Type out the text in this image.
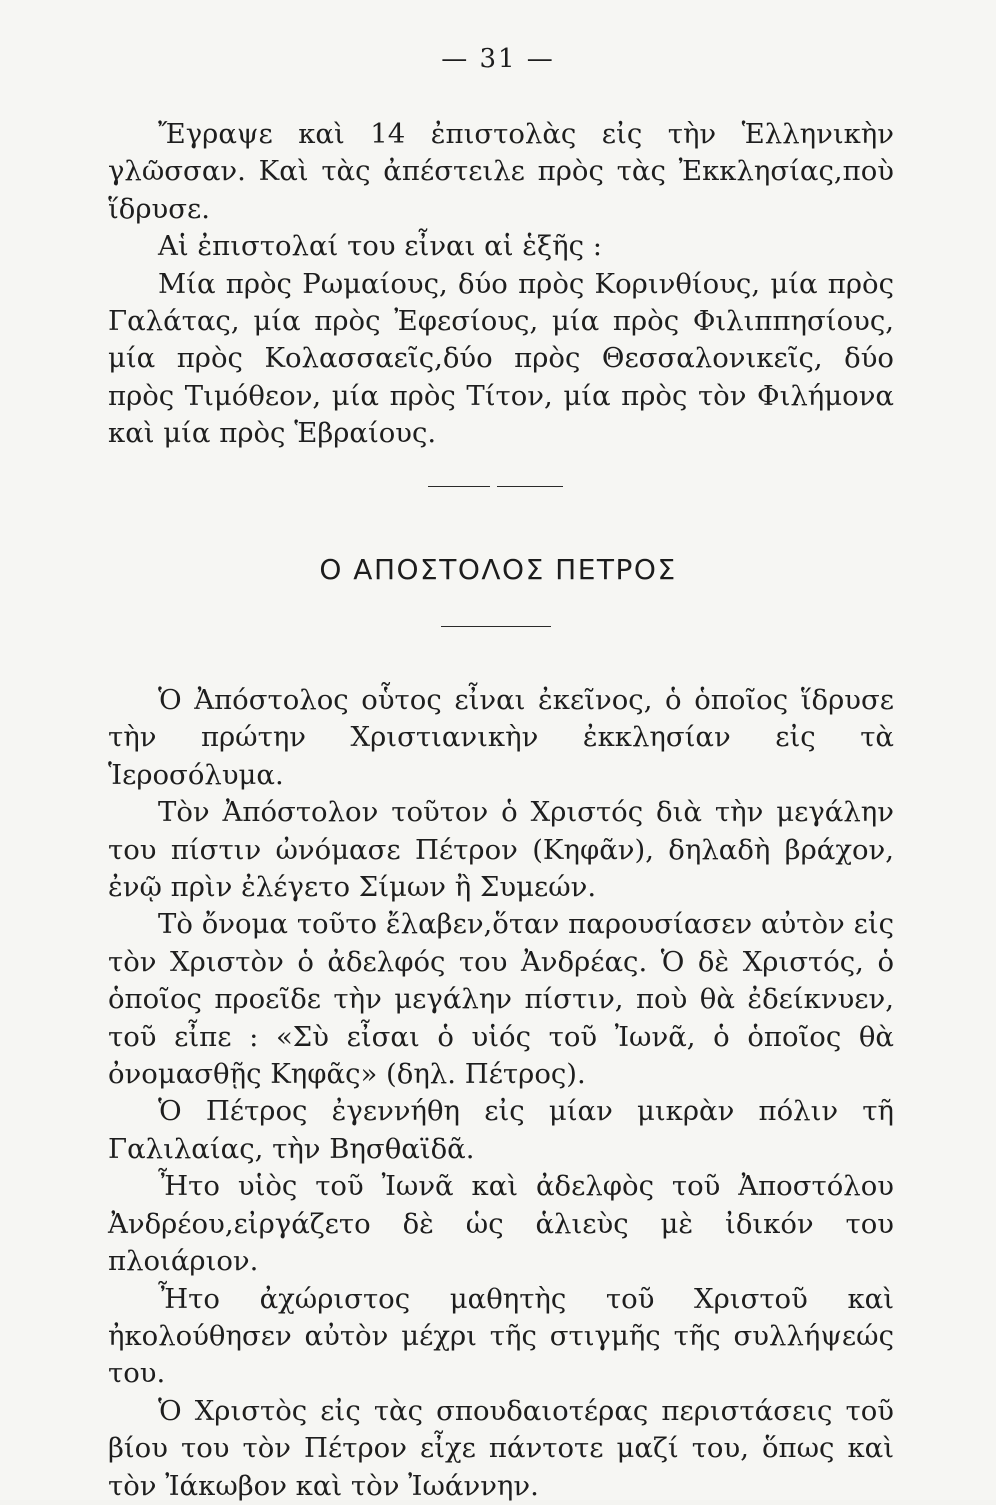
— 31 —

Ἔγραψε καὶ 14 ἐπιστολὰς εἰς τὴν Ἑλληνικὴν γλῶσσαν. Καὶ τὰς ἀπέστειλε πρὸς τὰς Ἐκκλησίας,ποὺ ἵδρυσε.

Αἱ ἐπιστολαί του εἶναι αἱ ἑξῆς :

Μία πρὸς Ρωμαίους, δύο πρὸς Κορινθίους, μία πρὸς Γαλάτας, μία πρὸς Ἐφεσίους, μία πρὸς Φιλιππησίους, μία πρὸς Κολασσαεῖς,δύο πρὸς Θεσσαλονικεῖς, δύο πρὸς Τιμόθεον, μία πρὸς Τίτον, μία πρὸς τὸν Φιλήμονα καὶ μία πρὸς Ἑβραίους.

Ο ΑΠΟΣΤΟΛΟΣ ΠΕΤΡΟΣ

Ὁ Ἀπόστολος οὗτος εἶναι ἐκεῖνος, ὁ ὁποῖος ἵδρυσε τὴν πρώτην Χριστιανικὴν ἐκκλησίαν εἰς τὰ Ἱεροσόλυμα.

Τὸν Ἀπόστολον τοῦτον ὁ Χριστός διὰ τὴν μεγάλην του πίστιν ὠνόμασε Πέτρον (Κηφᾶν), δηλαδὴ βράχον, ἐνῷ πρὶν ἐλέγετο Σίμων ἢ Συμεών.

Τὸ ὄνομα τοῦτο ἔλαβεν,ὅταν παρουσίασεν αὐτὸν εἰς τὸν Χριστὸν ὁ ἀδελφός του Ἀνδρέας. Ὁ δὲ Χριστός, ὁ ὁποῖος προεῖδε τὴν μεγάλην πίστιν, ποὺ θὰ ἐδείκνυεν, τοῦ εἶπε : «Σὺ εἶσαι ὁ υἱός τοῦ Ἰωνᾶ, ὁ ὁποῖος θὰ ὀνομασθῇς Κηφᾶς» (δηλ. Πέτρος).

Ὁ Πέτρος ἐγεννήθη εἰς μίαν μικρὰν πόλιν τῆ Γαλιλαίας, τὴν Βησθαϊδᾶ.

Ἦτο υἱὸς τοῦ Ἰωνᾶ καὶ ἀδελφὸς τοῦ Ἀποστόλου Ἀνδρέου,εἰργάζετο δὲ ὡς ἁλιεὺς μὲ ἰδικόν του πλοιάριον.

Ἦτο ἀχώριστος μαθητὴς τοῦ Χριστοῦ καὶ ἠκολούθησεν αὐτὸν μέχρι τῆς στιγμῆς τῆς συλλήψεώς του.

Ὁ Χριστὸς εἰς τὰς σπουδαιοτέρας περιστάσεις τοῦ βίου του τὸν Πέτρον εἶχε πάντοτε μαζί του, ὅπως καὶ τὸν Ἰάκωβον καὶ τὸν Ἰωάννην.
